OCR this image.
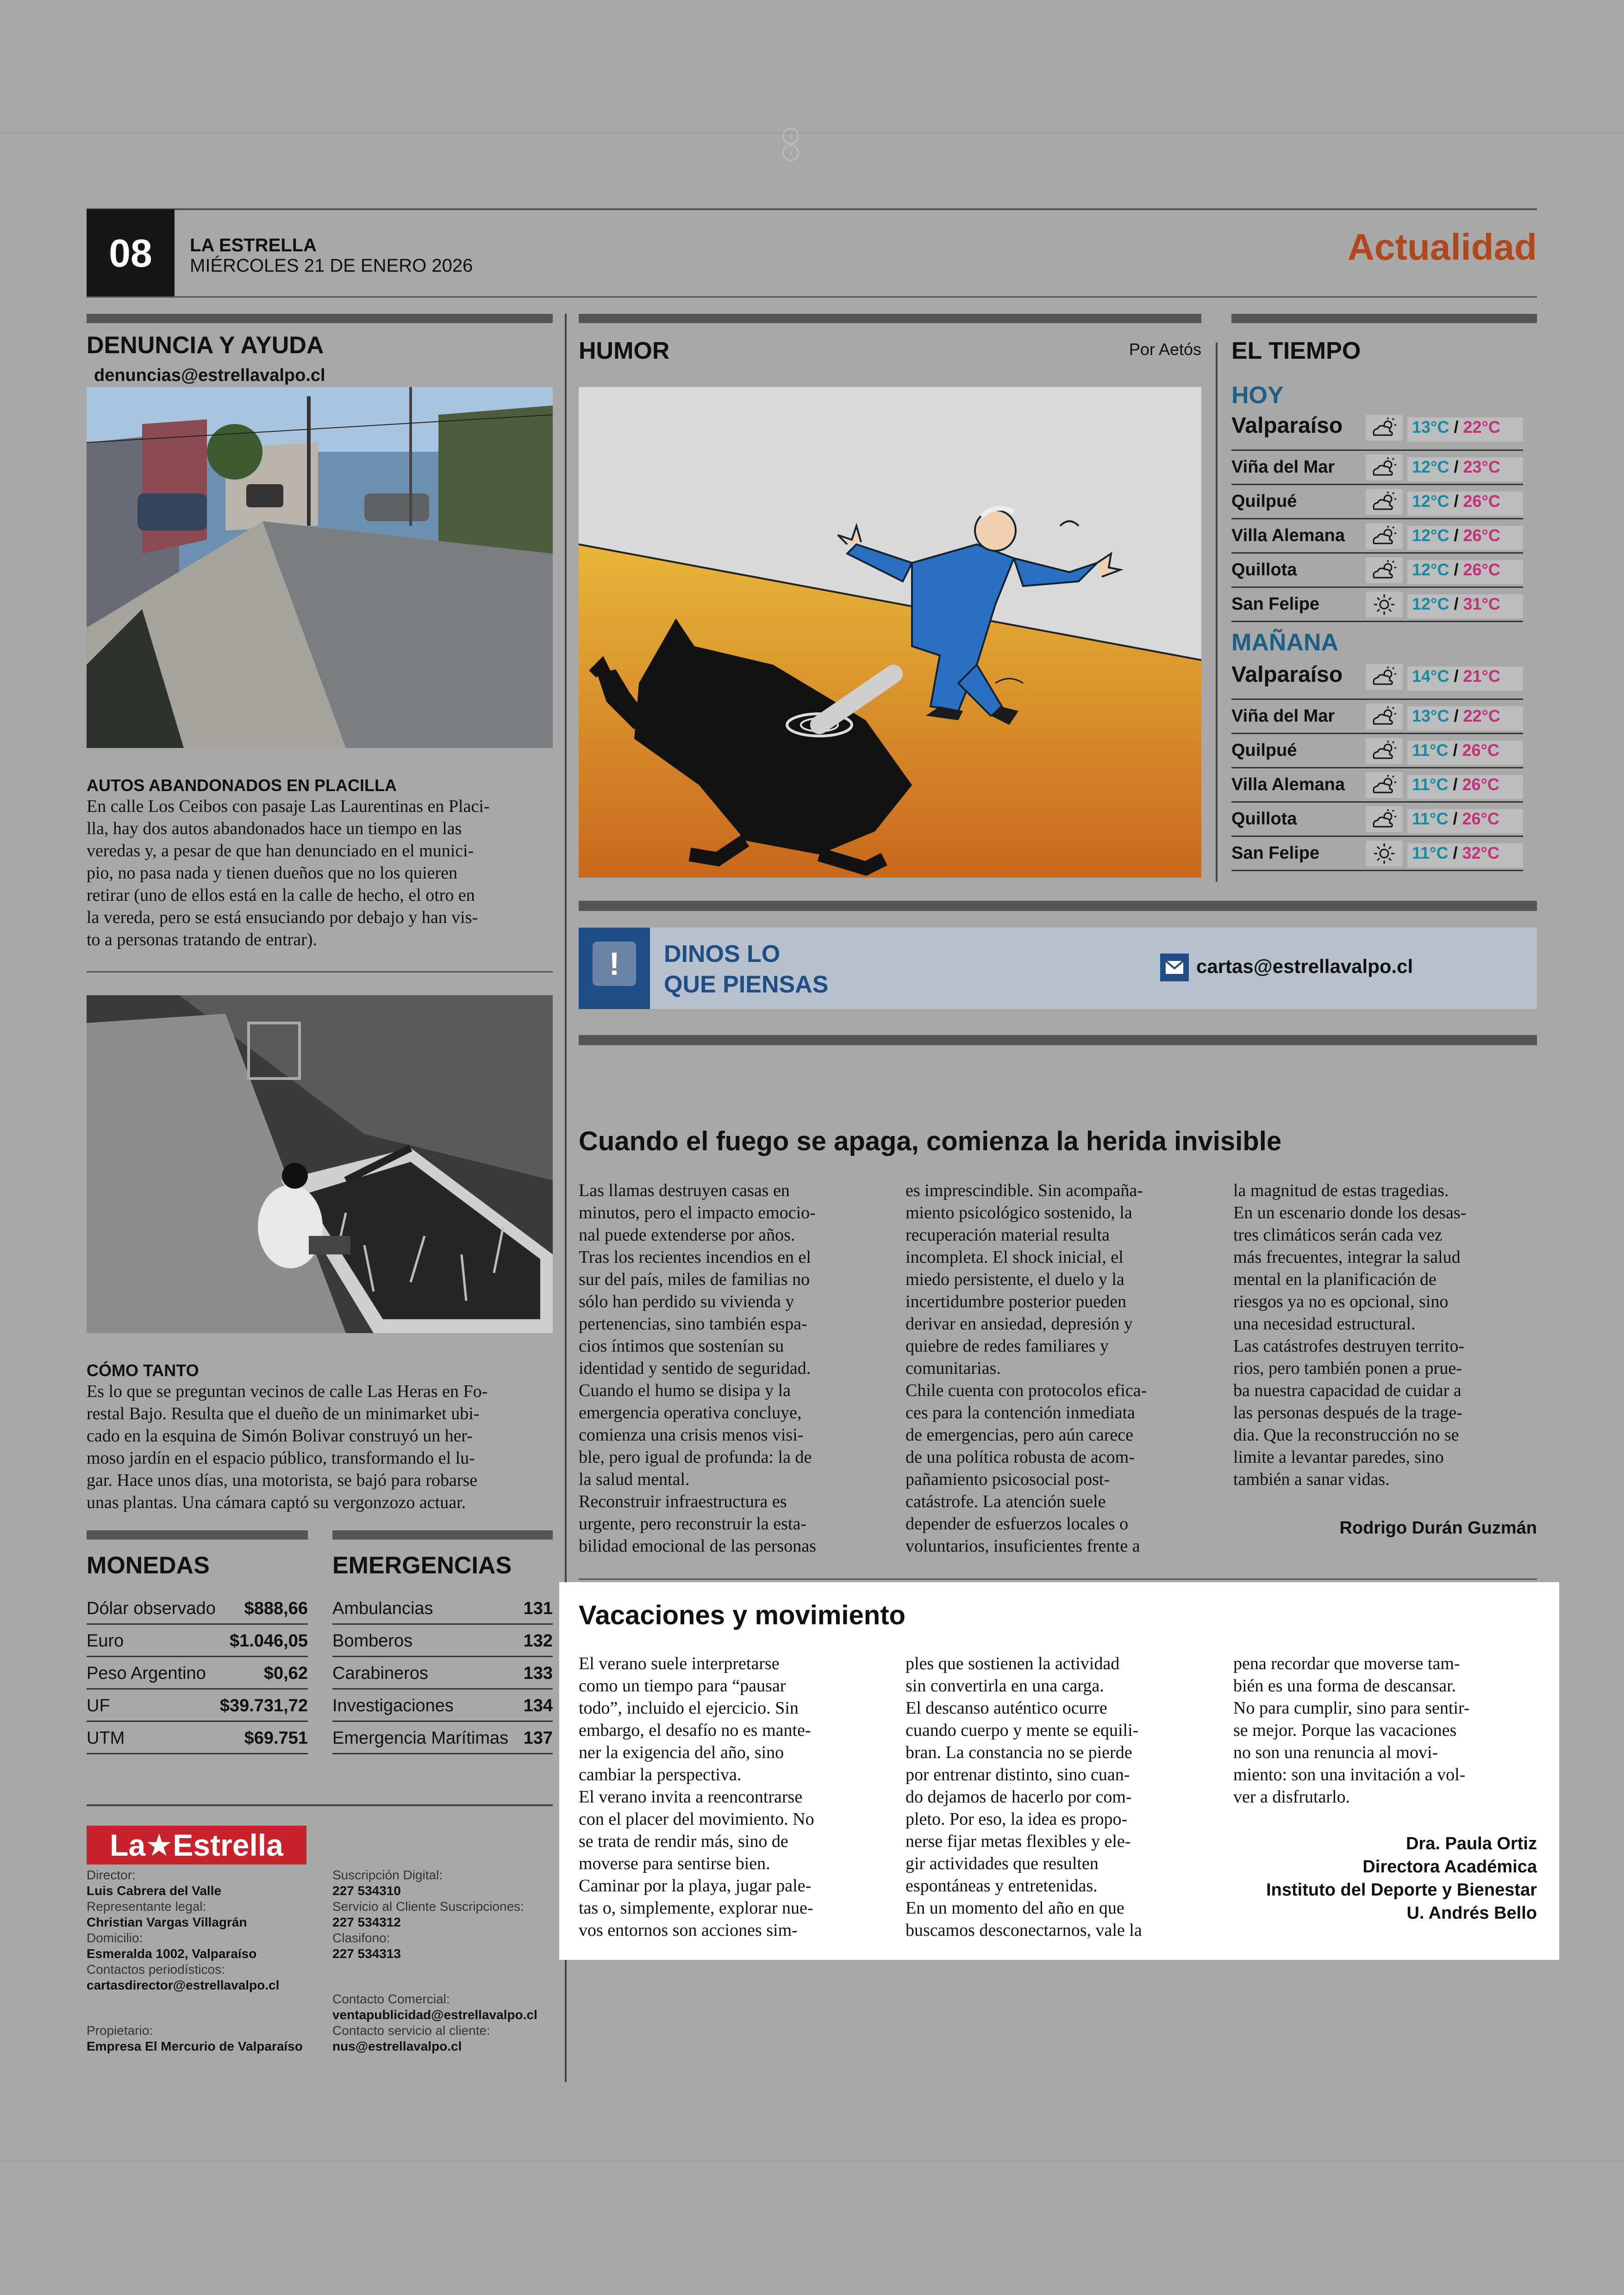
‹›
08	LA ESTRELLA
MIÉRCOLES 21 DE ENERO 2026	Actualidad
DENUNCIA Y AYUDA denuncias@estrellavalpo.cl
AUTOS ABANDONADOS EN PLACILLA
En calle Los Ceibos con pasaje Las Laurentinas en Placi-
lla, hay dos autos abandonados hace un tiempo en las
veredas y, a pesar de que han denunciado en el munici-
pio, no pasa nada y tienen dueños que no los quieren
retirar (uno de ellos está en la calle de hecho, el otro en
la vereda, pero se está ensuciando por debajo y han vis-
to a personas tratando de entrar).
CÓMO TANTO
Es lo que se preguntan vecinos de calle Las Heras en Fo-
restal Bajo. Resulta que el dueño de un minimarket ubi-
cado en la esquina de Simón Bolivar construyó un her-
moso jardín en el espacio público, transformando el lu-
gar. Hace unos días, una motorista, se bajó para robarse
unas plantas. Una cámara captó su vergonzozo actuar.
MONEDAS
Dólar observado $888,66
Euro	$1.046,05
Peso Argentino	$0,62
UF	$39.731,72
UTM	$69.751
EMERGENCIAS
Ambulancias	131
Bomberos	132
Carabineros	133
Investigaciones	134
Emergencia Marítimas 137
La★Estrella
Director:
Luis Cabrera del Valle
Representante legal:
Christian Vargas Villagrán
Domicilio:
Esmeralda 1002, Valparaíso
Contactos periodísticos:
cartasdirector@estrellavalpo.cl
Propietario:
Empresa El Mercurio de Valparaíso
Suscripción Digital:
227 534310
Servicio al Cliente Suscripciones:
227 534312
Clasifono:
227 534313
Contacto Comercial:
ventapublicidad@estrellavalpo.cl
Contacto servicio al cliente:
nus@estrellavalpo.cl
HUMOR	Por Aetós EL TIEMPO
HOY
MAÑANA
Valparaíso	13°C / 22°C
Viña del Mar	12°C / 23°C
Quilpué	12°C / 26°C
Villa Alemana	12°C / 26°C
Quillota	12°C / 26°C
San Felipe	12°C / 31°C
Valparaíso	14°C / 21°C
Viña del Mar	13°C / 22°C
Quilpué	11°C / 26°C
Villa Alemana	11°C / 26°C
Quillota	11°C / 26°C
San Felipe	11°C / 32°C
!	DINOS LO
QUE PIENSAS
cartas@estrellavalpo.cl
Cuando el fuego se apaga, comienza la herida invisible
Las llamas destruyen casas en
minutos, pero el impacto emocio-
nal puede extenderse por años.
Tras los recientes incendios en el
sur del país, miles de familias no
sólo han perdido su vivienda y
pertenencias, sino también espa-
cios íntimos que sostenían su
identidad y sentido de seguridad.
Cuando el humo se disipa y la
emergencia operativa concluye,
comienza una crisis menos visi-
ble, pero igual de profunda: la de
la salud mental.
Reconstruir infraestructura es
urgente, pero reconstruir la esta-
bilidad emocional de las personas
es imprescindible. Sin acompaña-
miento psicológico sostenido, la
recuperación material resulta
incompleta. El shock inicial, el
miedo persistente, el duelo y la
incertidumbre posterior pueden
derivar en ansiedad, depresión y
quiebre de redes familiares y
comunitarias.
Chile cuenta con protocolos efica-
ces para la contención inmediata
de emergencias, pero aún carece
de una política robusta de acom-
pañamiento psicosocial post-
catástrofe. La atención suele
depender de esfuerzos locales o
voluntarios, insuficientes frente a
la magnitud de estas tragedias.
En un escenario donde los desas-
tres climáticos serán cada vez
más frecuentes, integrar la salud
mental en la planificación de
riesgos ya no es opcional, sino
una necesidad estructural.
Las catástrofes destruyen territo-
rios, pero también ponen a prue-
ba nuestra capacidad de cuidar a
las personas después de la trage-
dia. Que la reconstrucción no se
limite a levantar paredes, sino
también a sanar vidas.
Rodrigo Durán Guzmán
Vacaciones y movimiento
El verano suele interpretarse
como un tiempo para “pausar
todo”, incluido el ejercicio. Sin
embargo, el desafío no es mante-
ner la exigencia del año, sino
cambiar la perspectiva.
El verano invita a reencontrarse
con el placer del movimiento. No
se trata de rendir más, sino de
moverse para sentirse bien.
Caminar por la playa, jugar pale-
tas o, simplemente, explorar nue-
vos entornos son acciones sim-
ples que sostienen la actividad
sin convertirla en una carga.
El descanso auténtico ocurre
cuando cuerpo y mente se equili-
bran. La constancia no se pierde
por entrenar distinto, sino cuan-
do dejamos de hacerlo por com-
pleto. Por eso, la idea es propo-
nerse fijar metas flexibles y ele-
gir actividades que resulten
espontáneas y entretenidas.
En un momento del año en que
buscamos desconectarnos, vale la
pena recordar que moverse tam-
bién es una forma de descansar.
No para cumplir, sino para sentir-
se mejor. Porque las vacaciones
no son una renuncia al movi-
miento: son una invitación a vol-
ver a disfrutarlo.
Dra. Paula Ortiz
Directora Académica
Instituto del Deporte y Bienestar
U. Andrés Bello
